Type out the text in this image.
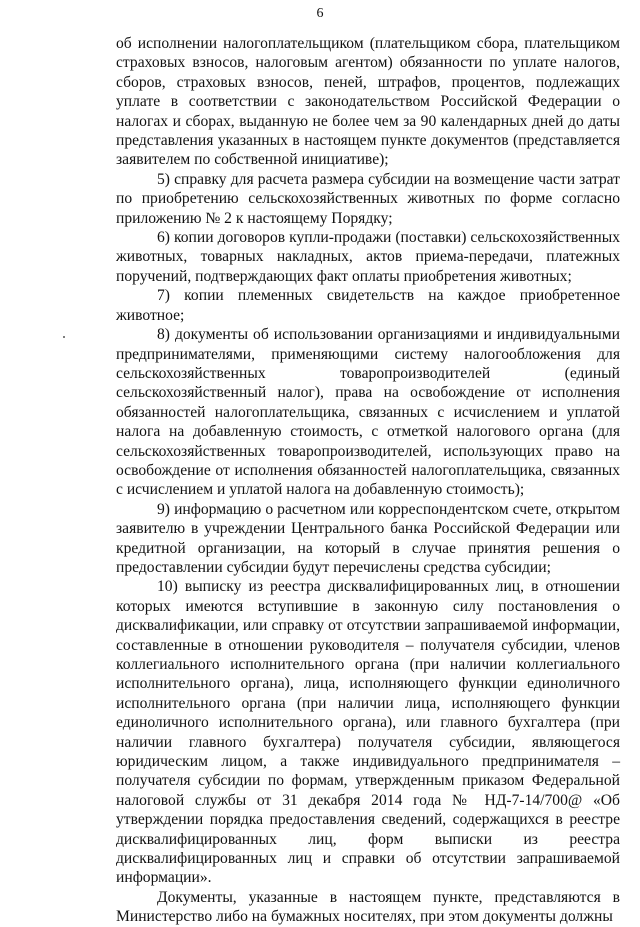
6

об исполнении налогоплательщиком (плательщиком сбора, плательщиком страховых взносов, налоговым агентом) обязанности по уплате налогов, сборов, страховых взносов, пеней, штрафов, процентов, подлежащих уплате в соответствии с законодательством Российской Федерации о налогах и сборах, выданную не более чем за 90 календарных дней до даты представления указанных в настоящем пункте документов (представляется заявителем по собственной инициативе);

5) справку для расчета размера субсидии на возмещение части затрат по приобретению сельскохозяйственных животных по форме согласно приложению № 2 к настоящему Порядку;

6) копии договоров купли-продажи (поставки) сельскохозяйственных животных, товарных накладных, актов приема-передачи, платежных поручений, подтверждающих факт оплаты приобретения животных;

7) копии племенных свидетельств на каждое приобретенное животное;

8) документы об использовании организациями и индивидуальными предпринимателями, применяющими систему налогообложения для сельскохозяйственных товаропроизводителей (единый сельскохозяйственный налог), права на освобождение от исполнения обязанностей налогоплательщика, связанных с исчислением и уплатой налога на добавленную стоимость, с отметкой налогового органа (для сельскохозяйственных товаропроизводителей, использующих право на освобождение от исполнения обязанностей налогоплательщика, связанных с исчислением и уплатой налога на добавленную стоимость);

9) информацию о расчетном или корреспондентском счете, открытом заявителю в учреждении Центрального банка Российской Федерации или кредитной организации, на который в случае принятия решения о предоставлении субсидии будут перечислены средства субсидии;

10) выписку из реестра дисквалифицированных лиц, в отношении которых имеются вступившие в законную силу постановления о дисквалификации, или справку от отсутствии запрашиваемой информации, составленные в отношении руководителя – получателя субсидии, членов коллегиального исполнительного органа (при наличии коллегиального исполнительного органа), лица, исполняющего функции единоличного исполнительного органа (при наличии лица, исполняющего функции единоличного исполнительного органа), или главного бухгалтера (при наличии главного бухгалтера) получателя субсидии, являющегося юридическим лицом, а также индивидуального предпринимателя – получателя субсидии по формам, утвержденным приказом Федеральной налоговой службы от 31 декабря 2014 года № НД-7-14/700@ «Об утверждении порядка предоставления сведений, содержащихся в реестре дисквалифицированных лиц, форм выписки из реестра дисквалифицированных лиц и справки об отсутствии запрашиваемой информации».

Документы, указанные в настоящем пункте, представляются в Министерство либо на бумажных носителях, при этом документы должны
